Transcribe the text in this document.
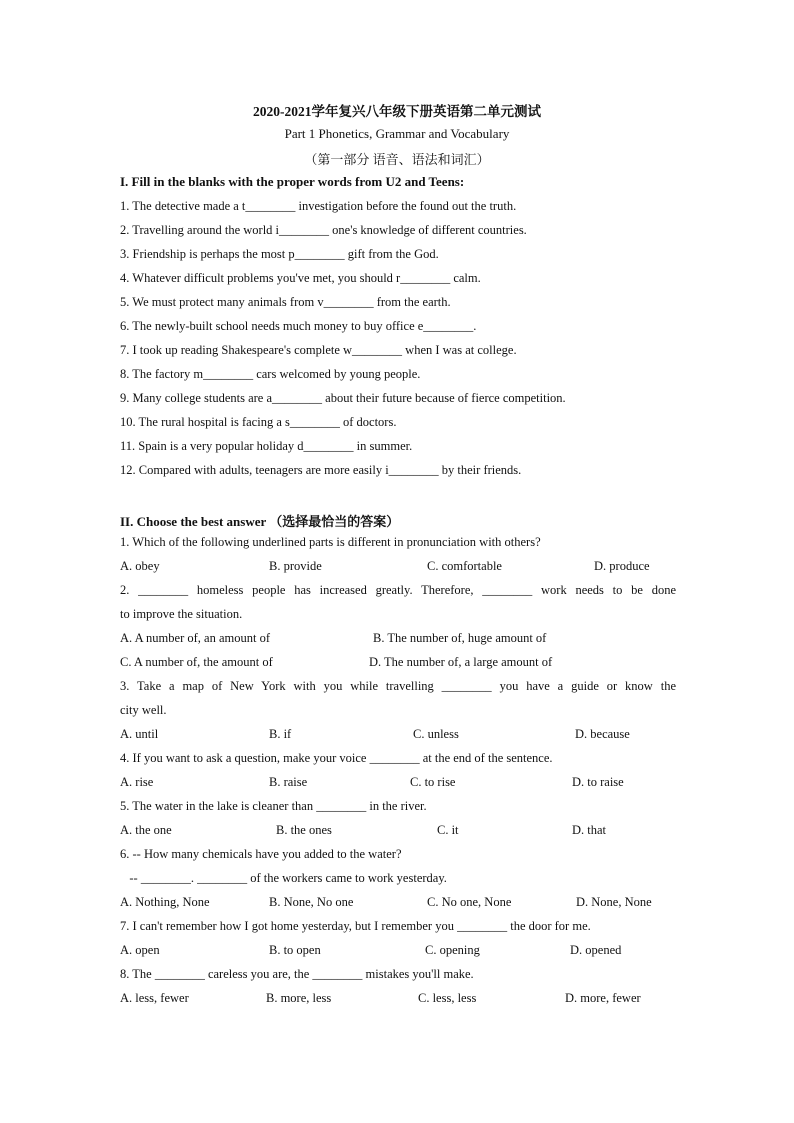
2020-2021学年复兴八年级下册英语第二单元测试
Part 1 Phonetics, Grammar and Vocabulary
（第一部分 语音、语法和词汇）
I. Fill in the blanks with the proper words from U2 and Teens:
1. The detective made a t________ investigation before the found out the truth.
2. Travelling around the world i________ one's knowledge of different countries.
3. Friendship is perhaps the most p________ gift from the God.
4. Whatever difficult problems you've met, you should r________ calm.
5. We must protect many animals from v________ from the earth.
6. The newly-built school needs much money to buy office e________.
7. I took up reading Shakespeare's complete w________ when I was at college.
8. The factory m________ cars welcomed by young people.
9. Many college students are a________ about their future because of fierce competition.
10. The rural hospital is facing a s________ of doctors.
11. Spain is a very popular holiday d________ in summer.
12. Compared with adults, teenagers are more easily i________ by their friends.
II. Choose the best answer （选择最恰当的答案）
1. Which of the following underlined parts is different in pronunciation with others?
A. obey	B. provide	C. comfortable	D. produce
2. ________ homeless people has increased greatly. Therefore, ________ work needs to be done
to improve the situation.
A. A number of, an amount of	B. The number of, huge amount of
C. A number of, the amount of	D. The number of, a large amount of
3. Take a map of New York with you while travelling ________ you have a guide or know the
city well.
A. until	B. if	C. unless	D. because
4. If you want to ask a question, make your voice ________ at the end of the sentence.
A. rise	B. raise	C. to rise	D. to raise
5. The water in the lake is cleaner than ________ in the river.
A. the one	B. the ones	C. it	D. that
6. -- How many chemicals have you added to the water?
-- ________. ________ of the workers came to work yesterday.
A. Nothing, None	B. None, No one	C. No one, None	D. None, None
7. I can't remember how I got home yesterday, but I remember you ________ the door for me.
A. open	B. to open	C. opening	D. opened
8. The ________ careless you are, the ________ mistakes you'll make.
A. less, fewer	B. more, less	C. less, less	D. more, fewer
